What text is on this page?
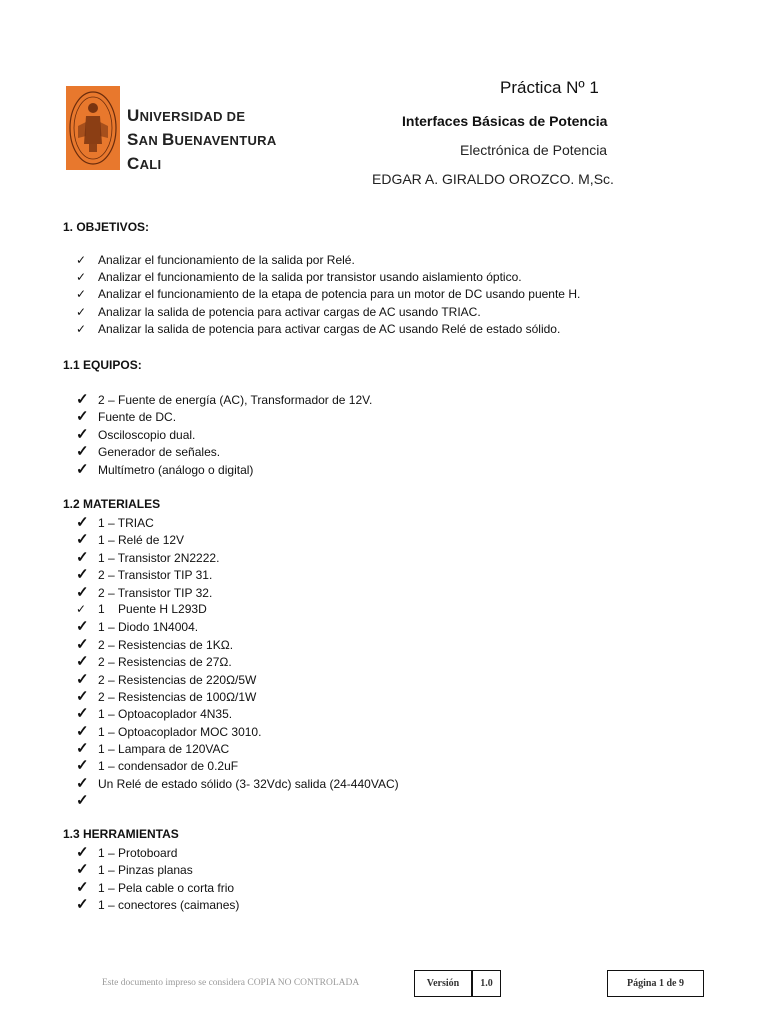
Práctica Nº 1
UNIVERSIDAD DE
SAN BUENAVENTURA
CALI
Interfaces Básicas de Potencia
Electrónica de Potencia
EDGAR A. GIRALDO OROZCO. M,Sc.
1. OBJETIVOS:
✓ Analizar el funcionamiento de la salida por Relé.
✓ Analizar el funcionamiento de la salida por transistor usando aislamiento óptico.
✓ Analizar el funcionamiento de la etapa de potencia para un motor de DC usando puente H.
✓ Analizar la salida de potencia para activar cargas de AC usando TRIAC.
✓ Analizar la salida de potencia para activar cargas de AC usando Relé de estado sólido.
1.1 EQUIPOS:
✓ 2 – Fuente de energía (AC), Transformador de 12V.
✓ Fuente de DC.
✓ Osciloscopio dual.
✓ Generador de señales.
✓ Multímetro (análogo o digital)
1.2 MATERIALES
✓ 1 – TRIAC
✓ 1 – Relé de 12V
✓ 1 – Transistor 2N2222.
✓ 2 – Transistor TIP 31.
✓ 2 – Transistor TIP 32.
✓ 1    Puente H L293D
✓ 1 – Diodo 1N4004.
✓ 2 – Resistencias de 1KΩ.
✓ 2 – Resistencias de 27Ω.
✓ 2 – Resistencias de 220Ω/5W
✓ 2 – Resistencias de 100Ω/1W
✓ 1 – Optoacoplador 4N35.
✓ 1 – Optoacoplador MOC 3010.
✓ 1 – Lampara de 120VAC
✓ 1 – condensador de 0.2uF
✓ Un Relé de estado sólido (3- 32Vdc) salida (24-440VAC)
✓
1.3 HERRAMIENTAS
✓ 1 – Protoboard
✓ 1 – Pinzas planas
✓ 1 – Pela cable o corta frio
✓ 1 – conectores (caimanes)
Este documento impreso se considera COPIA NO CONTROLADA	Versión	1.0	Página 1 de 9
